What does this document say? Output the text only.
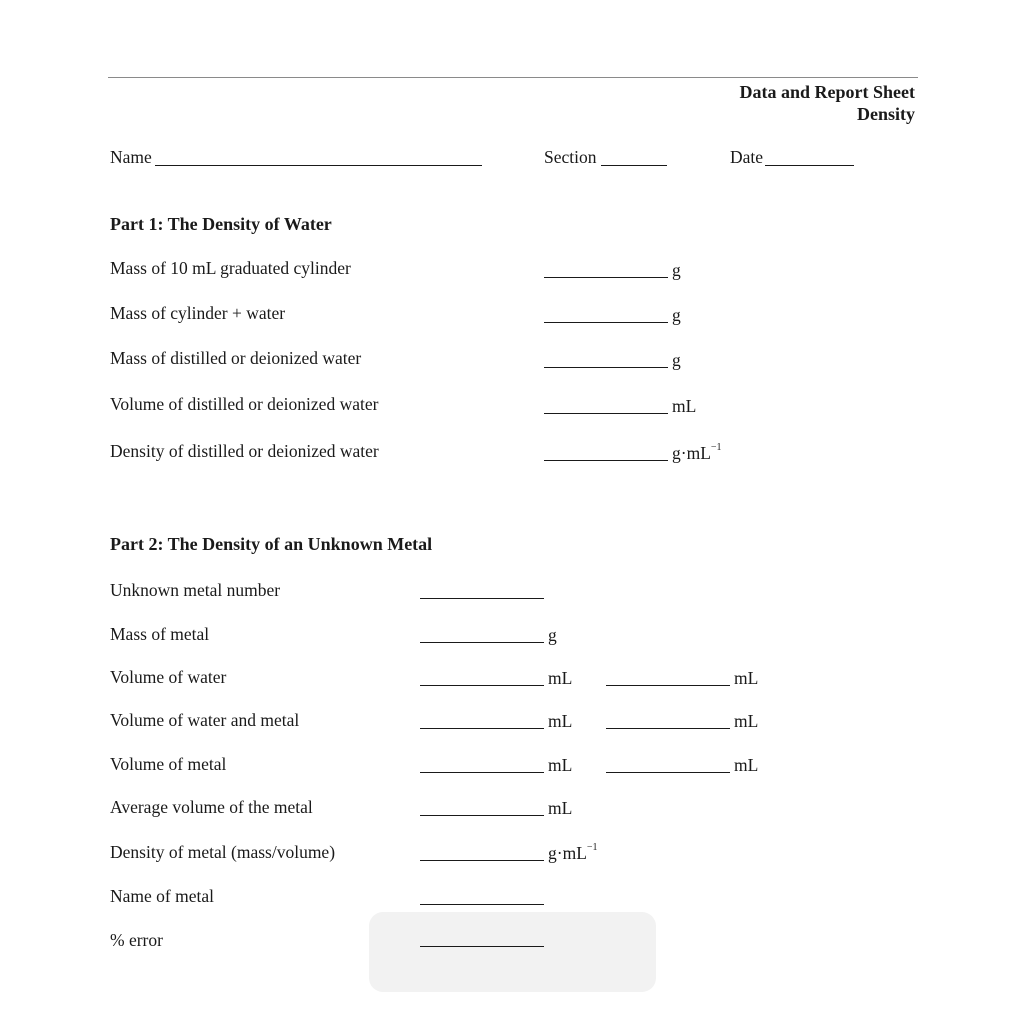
Data and Report Sheet
Density
Name	Section	Date
Part 1: The Density of Water
Mass of 10 mL graduated cylinder	g
Mass of cylinder + water	g
Mass of distilled or deionized water	g
Volume of distilled or deionized water	mL
Density of distilled or deionized water	$g\cdot mL^{-1}$
Part 2: The Density of an Unknown Metal
Unknown metal number
Mass of metal	g
Volume of water	mL	mL
Volume of water and metal	mL	mL
Volume of metal	mL	mL
Average volume of the metal	mL
Density of metal (mass/volume)	$g\cdot mL^{-1}$
Name of metal
% error
